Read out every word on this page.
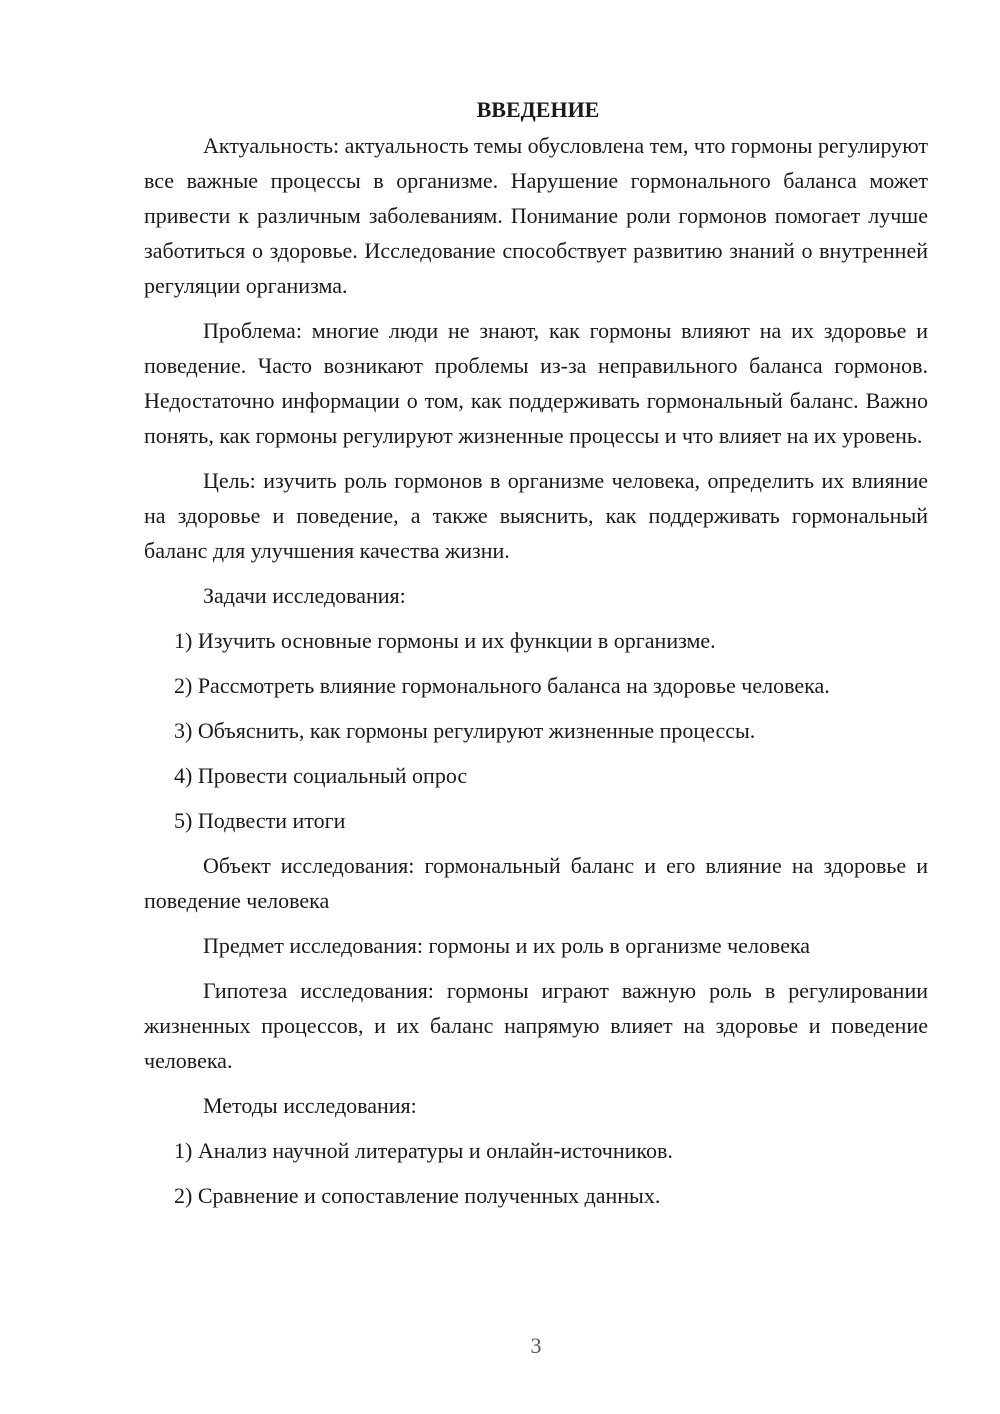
ВВЕДЕНИЕ

Актуальность: актуальность темы обусловлена тем, что гормоны регулируют все важные процессы в организме. Нарушение гормонального баланса может привести к различным заболеваниям. Понимание роли гормонов помогает лучше заботиться о здоровье. Исследование способствует развитию знаний о внутренней регуляции организма.

Проблема: многие люди не знают, как гормоны влияют на их здоровье и поведение. Часто возникают проблемы из-за неправильного баланса гормонов. Недостаточно информации о том, как поддерживать гормональный баланс. Важно понять, как гормоны регулируют жизненные процессы и что влияет на их уровень.

Цель: изучить роль гормонов в организме человека, определить их влияние на здоровье и поведение, а также выяснить, как поддерживать гормональный баланс для улучшения качества жизни.

Задачи исследования:

1) Изучить основные гормоны и их функции в организме.

2) Рассмотреть влияние гормонального баланса на здоровье человека.

3) Объяснить, как гормоны регулируют жизненные процессы.

4) Провести социальный опрос

5) Подвести итоги

Объект исследования: гормональный баланс и его влияние на здоровье и поведение человека

Предмет исследования: гормоны и их роль в организме человека

Гипотеза исследования: гормоны играют важную роль в регулировании жизненных процессов, и их баланс напрямую влияет на здоровье и поведение человека.

Методы исследования:

1) Анализ научной литературы и онлайн-источников.

2) Сравнение и сопоставление полученных данных.

3
